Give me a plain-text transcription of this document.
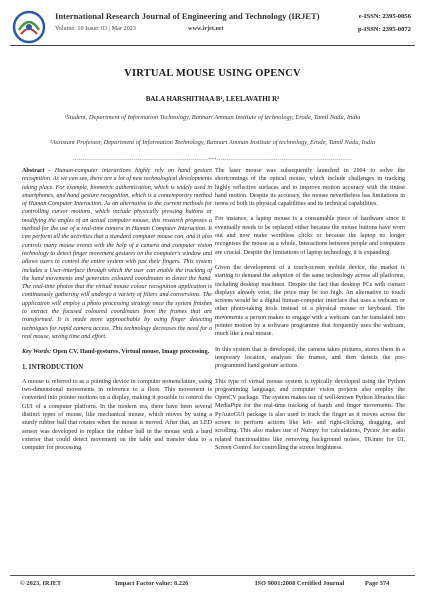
International Research Journal of Engineering and Technology (IRJET)
Volume: 10 Issue: 03 | Mar 2023	www.irjet.net
e-ISSN: 2395-0056
p-ISSN: 2395-0072
VIRTUAL MOUSE USING OPENCV
BALA HARSHITHAA B¹, LEELAVATHI R²
¹Student, Department of Information Technology, Bannari Amman Institute of technology, Erode, Tamil Nadu, India
²Assistant Professor, Department of Information Technology, Bannari Amman Institute of technology, Erode, Tamil Nadu, India
---------------------------------------------------------------------***---------------------------------------------------------------------

Abstract - Human-computer interactions highly rely on hand gesture recognition. As we can see, there are a lot of new technological developments taking place. For example, biometric authentication, which is widely used in smartphones, and hand gesture recognition, which is a contemporary method of Human Computer Interaction. As an alternative to the current methods for controlling cursor motions, which include physically pressing buttons or modifying the angles of an actual computer mouse, this research proposes a method for the use of a real-time camera in Human Computer Interaction. It can perform all the activities that a standard computer mouse can, and it also controls many mouse events with the help of a camera and computer vision technology to detect finger movement gestures on the computer's window and allows users to control the entire system with just their fingers. This system includes a User-interface through which the user can enable the tracking of the hand movements and generates coloured coordinates to detect the hand. The real-time photos that the virtual mouse colour recognition application is continuously gathering will undergo a variety of filters and conversions. The application will employ a photo processing strategy once the system finishes to extract the focused coloured coordinates from the frames that are transformed. It is made more approachable by using finger detecting techniques for rapid camera access. This technology decreases the need for a real mouse, saving time and effort.

Key Words: Open CV, Hand-gestures, Virtual mouse, Image processing.

1. INTRODUCTION

A mouse is referred to as a pointing device in computer nomenclature, using two-dimensional movements in reference to a floor. This movement is converted into pointer motions on a display, making it possible to control the GUI of a computer platform. In the modern era, there have been several distinct types of mouse, like mechanical mouse, which moves by using a sturdy rubber ball that rotates when the mouse is moved. After that, an LED sensor was developed to replace the rubber ball in the mouse with a hard exterior that could detect movement on the table and transfer data to a computer for processing.

The laser mouse was subsequently launched in 2004 to solve the shortcomings of the optical mouse, which include challenges in tracking highly reflective surfaces and to improve motion accuracy with the tiniest hand motion. Despite its accuracy, the mouse nevertheless has limitations in terms of both its physical capabilities and its technical capabilities.

For instance, a laptop mouse is a consumable piece of hardware since it eventually needs to be replaced either because the mouse buttons have worn out and now make worthless clicks or because the laptop no longer recognises the mouse as a whole. Interactions between people and computers are crucial. Despite the limitations of laptop technology, it is expanding.

Given the development of a touch-screen mobile device, the market is starting to demand the adoption of the same technology across all platforms, including desktop machines. Despite the fact that desktop PCs with contact displays already exist, the price may be too high. An alternative to touch screens would be a digital human-computer interface that uses a webcam or other photo-taking tools instead of a physical mouse or keyboard. The movements a person makes to engage with a webcam can be translated into pointer motion by a software programme that frequently uses the webcam, much like a real mouse.

In this system that is developed, the camera takes pictures, stores them in a temporary location, analyses the frames, and then detects the pre-programmed hand gesture actions.

This type of virtual mouse system is typically developed using the Python programming language, and computer vision projects also employ the OpenCV package. The system makes use of well-known Python libraries like MediaPipe for the real-time tracking of hands and finger movements. The PyAutoGUI package is also used to track the finger as it moves across the screen to perform actions like left- and right-clicking, dragging, and scrolling. This also makes use of Numpy for calculations, Pycaw for audio related functionalities like removing background noises, TKinter for UI, Screen Control for controlling the screen brightness.

© 2023, IRJET	Impact Factor value: 8.226	ISO 9001:2008 Certified Journal	Page 374
